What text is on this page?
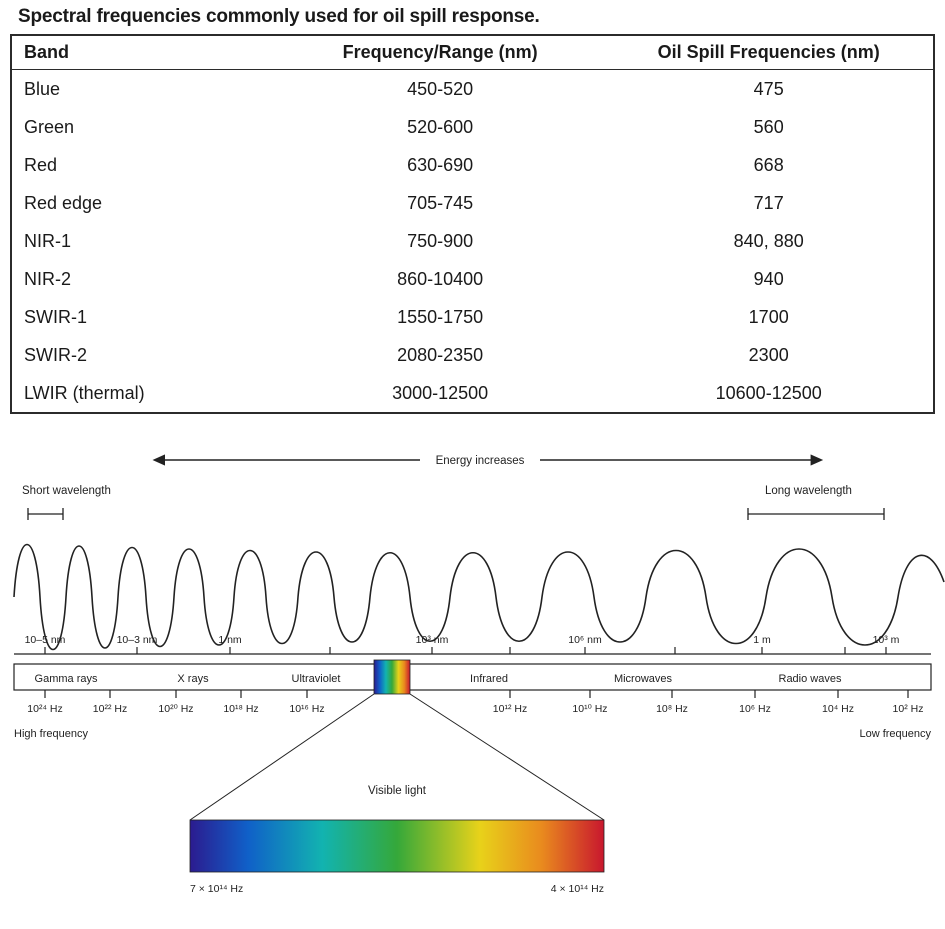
Spectral frequencies commonly used for oil spill response.
Band	Frequency/Range (nm)	Oil Spill Frequencies (nm)
Blue	450-520	475
Green	520-600	560
Red	630-690	668
Red edge	705-745	717
NIR-1	750-900	840, 880
NIR-2	860-10400	940
SWIR-1	1550-1750	1700
SWIR-2	2080-2350	2300
LWIR (thermal)	3000-12500	10600-12500
Energy increases
Short wavelength	Long wavelength
10–5 nm	10–3 nm	1 nm	10³ nm	10⁶ nm	1 m	10³ m
Gamma rays	X rays	Ultraviolet	Infrared	Microwaves	Radio waves
10²⁴ Hz	10²² Hz	10²⁰ Hz	10¹⁸ Hz	10¹⁶ Hz	10¹² Hz	10¹⁰ Hz	10⁸ Hz	10⁶ Hz	10⁴ Hz	10² Hz
High frequency	Low frequency
Visible light
7 × 10¹⁴ Hz	4 × 10¹⁴ Hz
